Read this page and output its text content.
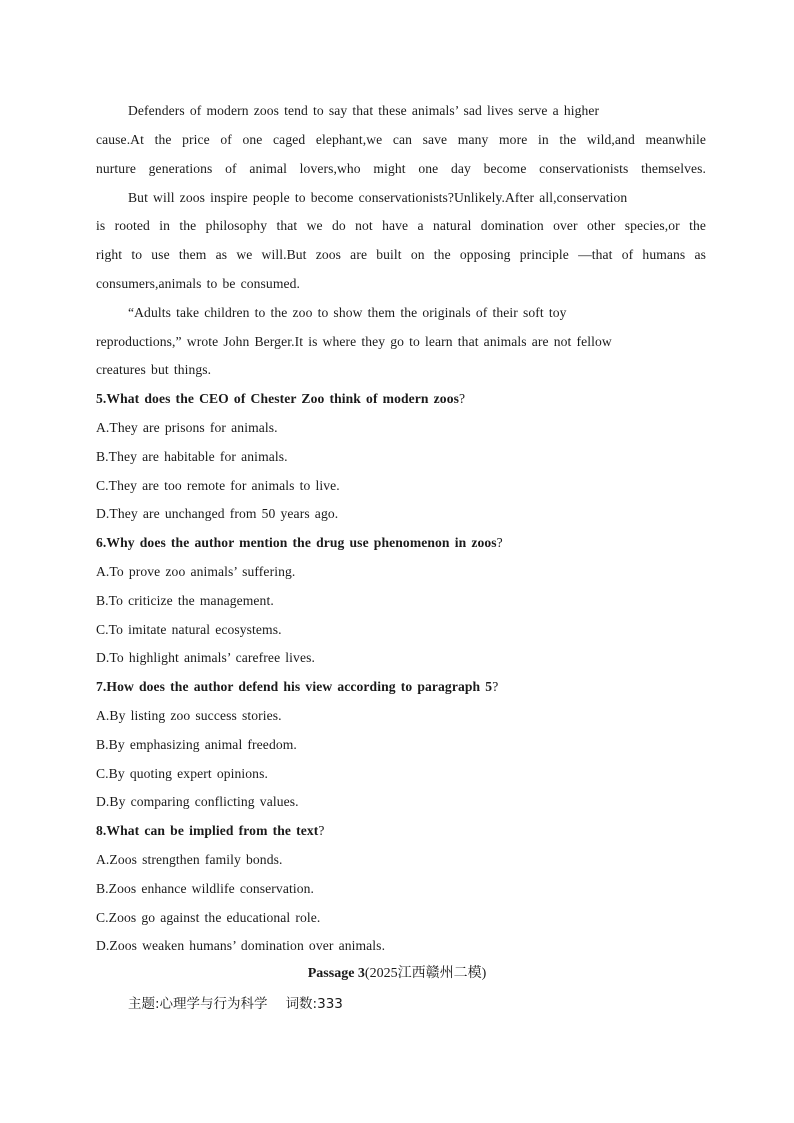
Defenders of modern zoos tend to say that these animals’ sad lives serve a higher
cause.At the price of one caged elephant,we can save many more in the wild,and meanwhile
nurture generations of animal lovers,who might one day become conservationists themselves.
But will zoos inspire people to become conservationists?Unlikely.After all,conservation
is rooted in the philosophy that we do not have a natural domination over other species,or the
right to use them as we will.But zoos are built on the opposing principle —that of humans as
consumers,animals to be consumed.
“Adults take children to the zoo to show them the originals of their soft toy
reproductions,” wrote John Berger.It is where they go to learn that animals are not fellow
creatures but things.
5.What does the CEO of Chester Zoo think of modern zoos?
A.They are prisons for animals.
B.They are habitable for animals.
C.They are too remote for animals to live.
D.They are unchanged from 50 years ago.
6.Why does the author mention the drug use phenomenon in zoos?
A.To prove zoo animals’ suffering.
B.To criticize the management.
C.To imitate natural ecosystems.
D.To highlight animals’ carefree lives.
7.How does the author defend his view according to paragraph 5?
A.By listing zoo success stories.
B.By emphasizing animal freedom.
C.By quoting expert opinions.
D.By comparing conflicting values.
8.What can be implied from the text?
A.Zoos strengthen family bonds.
B.Zoos enhance wildlife conservation.
C.Zoos go against the educational role.
D.Zoos weaken humans’ domination over animals.
Passage 3(2025江西赣州二模)
主题:心理学与行为科学 词数:333
